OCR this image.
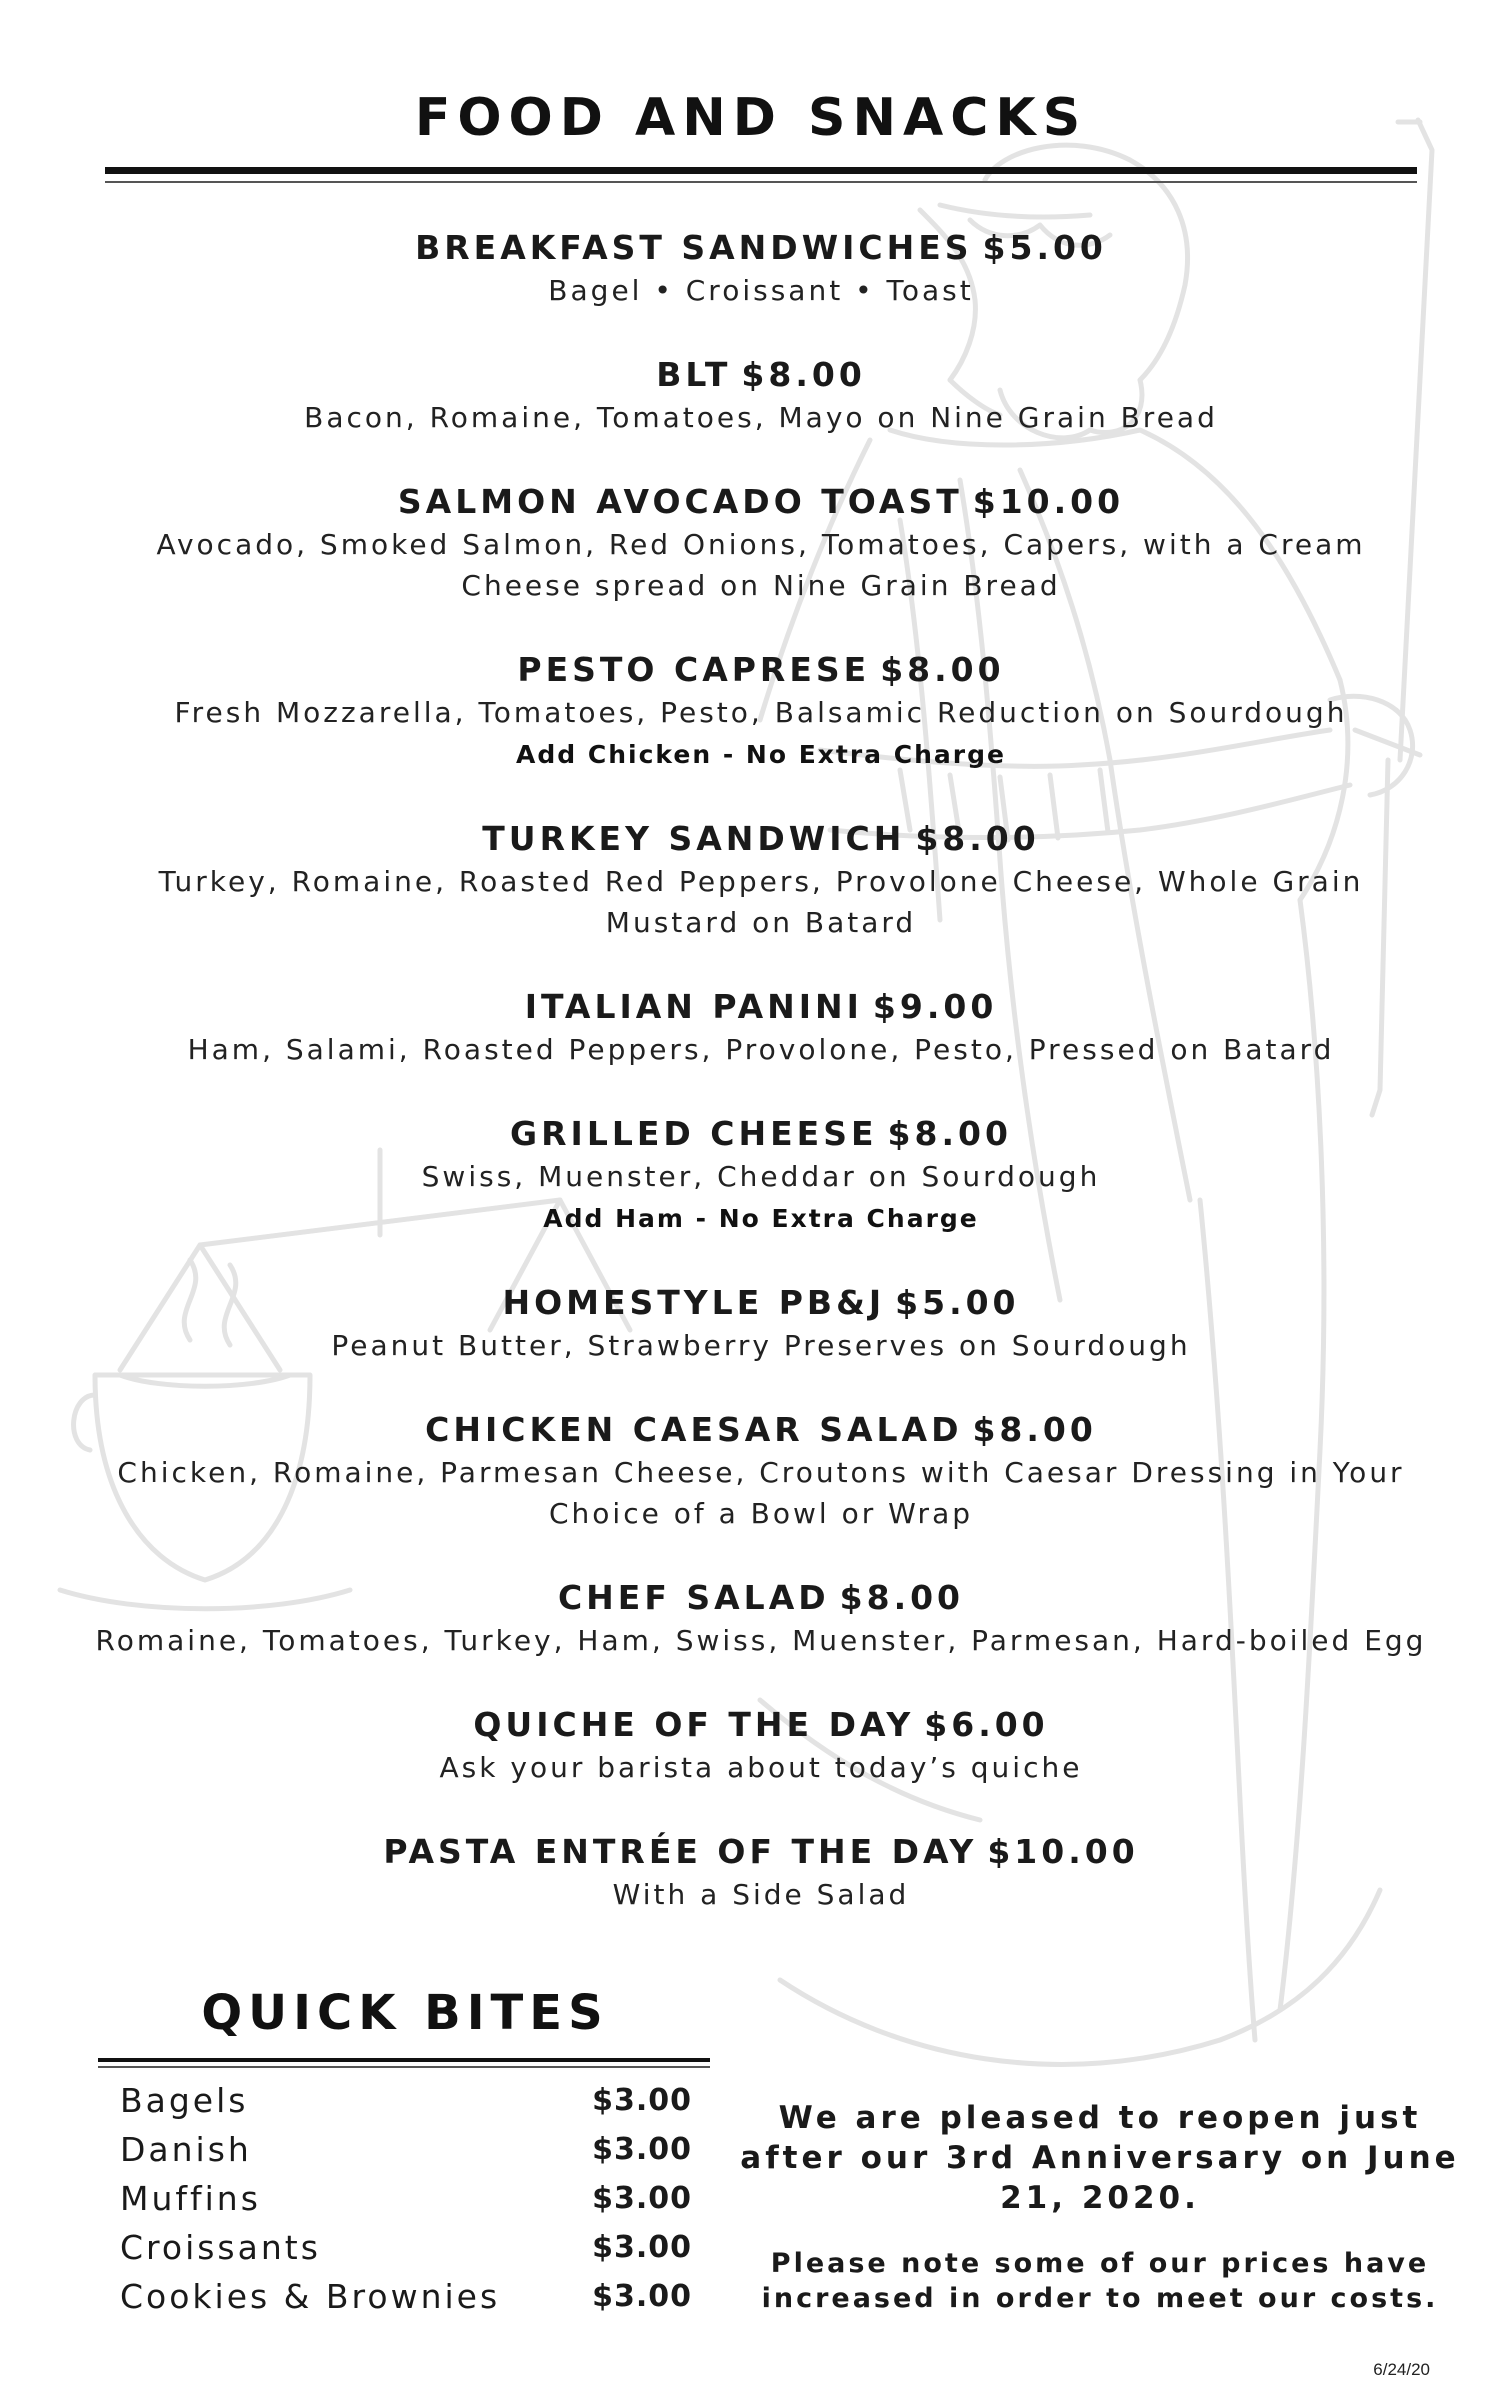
FOOD AND SNACKS
BREAKFAST SANDWICHES $5.00
Bagel • Croissant • Toast
BLT $8.00
Bacon, Romaine, Tomatoes, Mayo on Nine Grain Bread
SALMON AVOCADO TOAST $10.00
Avocado, Smoked Salmon, Red Onions, Tomatoes, Capers, with a Cream Cheese spread on Nine Grain Bread
PESTO CAPRESE $8.00
Fresh Mozzarella, Tomatoes, Pesto, Balsamic Reduction on Sourdough
Add Chicken - No Extra Charge
TURKEY SANDWICH $8.00
Turkey, Romaine, Roasted Red Peppers, Provolone Cheese, Whole Grain Mustard on Batard
ITALIAN PANINI $9.00
Ham, Salami, Roasted Peppers, Provolone, Pesto, Pressed on Batard
GRILLED CHEESE $8.00
Swiss, Muenster, Cheddar on Sourdough
Add Ham - No Extra Charge
HOMESTYLE PB&J $5.00
Peanut Butter, Strawberry Preserves on Sourdough
CHICKEN CAESAR SALAD $8.00
Chicken, Romaine, Parmesan Cheese, Croutons with Caesar Dressing in Your Choice of a Bowl or Wrap
CHEF SALAD $8.00
Romaine, Tomatoes, Turkey, Ham, Swiss, Muenster, Parmesan, Hard-boiled Egg
QUICHE OF THE DAY $6.00
Ask your barista about today’s quiche
PASTA ENTRÉE OF THE DAY $10.00
With a Side Salad
QUICK BITES
Bagels	$3.00
Danish	$3.00
Muffins	$3.00
Croissants	$3.00
Cookies & Brownies	$3.00
We are pleased to reopen just after our 3rd Anniversary on June 21, 2020.
Please note some of our prices have increased in order to meet our costs.
6/24/20
